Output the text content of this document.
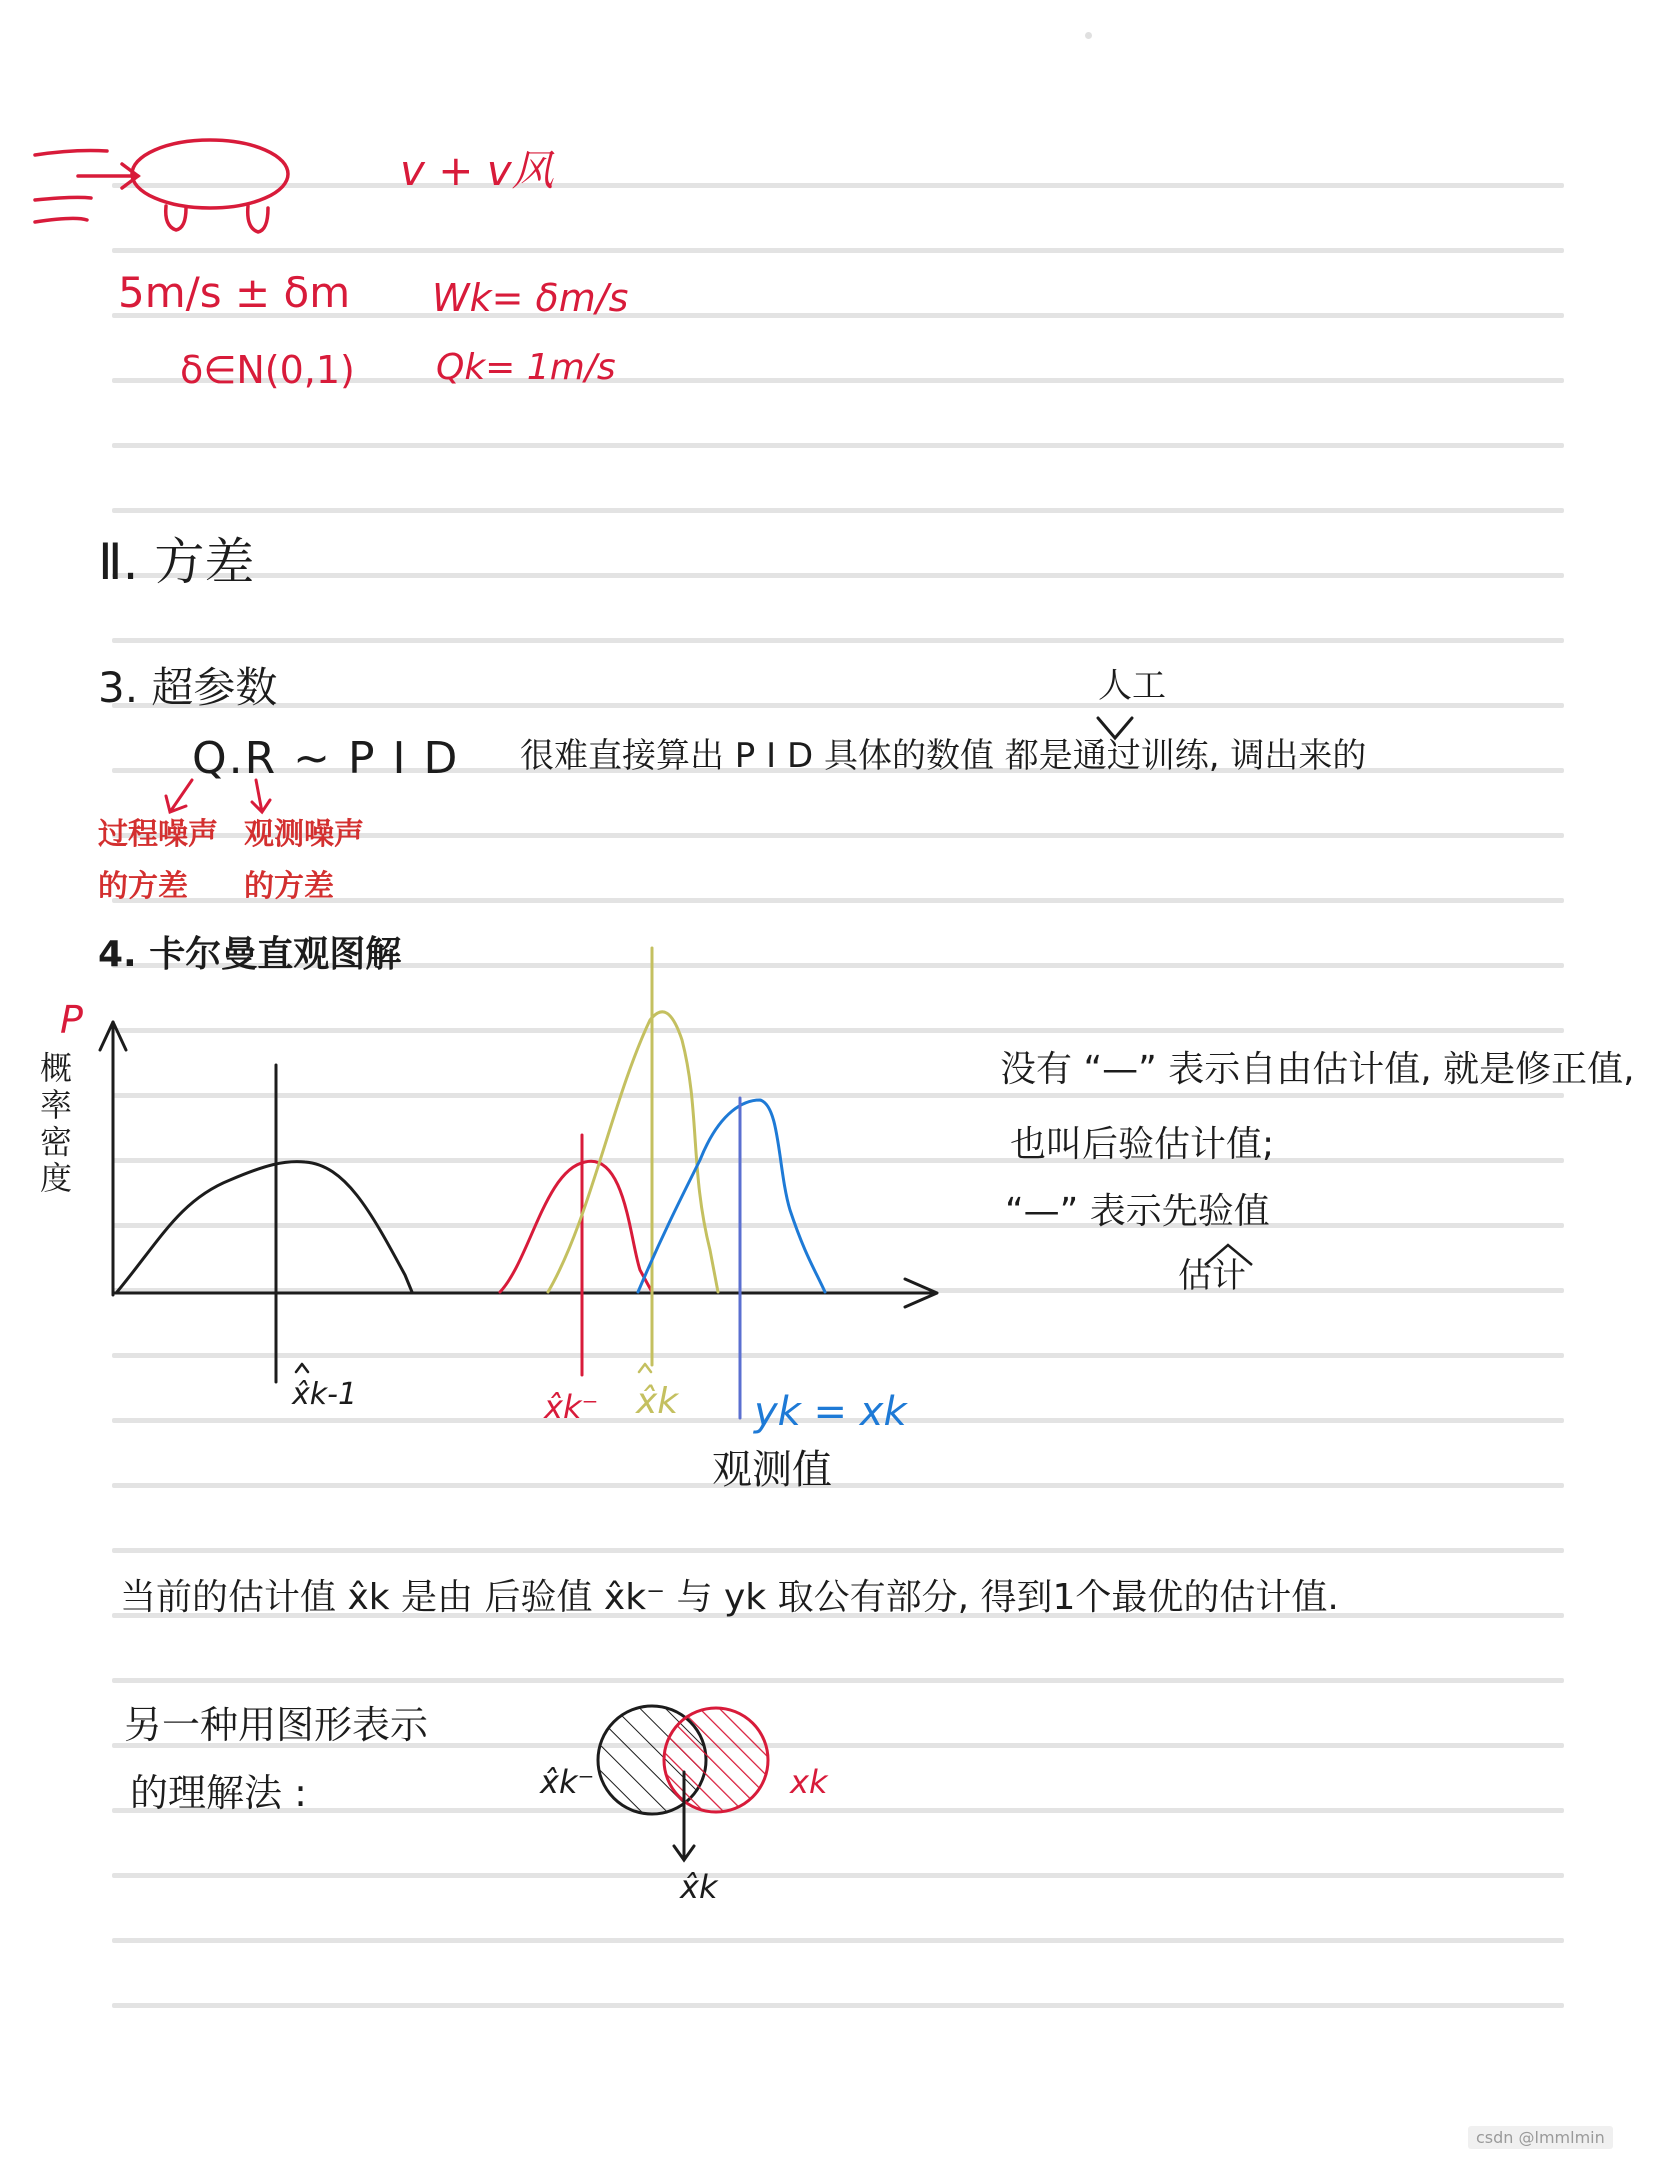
v + v风
5m/s ± δm
δ∈N(0,1)
Wk= δm/s
Qk= 1m/s
Ⅱ. 方差
3. 超参数	人工
Q.R ~ P I D 很难直接算出 P I D 具体的数值 都是通过训练, 调出来的
过程噪声
的方差
观测噪声
的方差
4. 卡尔曼直观图解
P
概率密度
x̂k-1	x̂k⁻ x̂k yk = xk
观测值
没有 “—” 表示自由估计值, 就是修正值,
也叫后验估计值;
“—” 表示先验值
估计
当前的估计值 x̂k 是由 后验值 x̂k⁻ 与 yk 取公有部分, 得到1个最优的估计值.
另一种用图形表示
的理解法 :	x̂k⁻	xk
x̂k
csdn @lmmlmin
